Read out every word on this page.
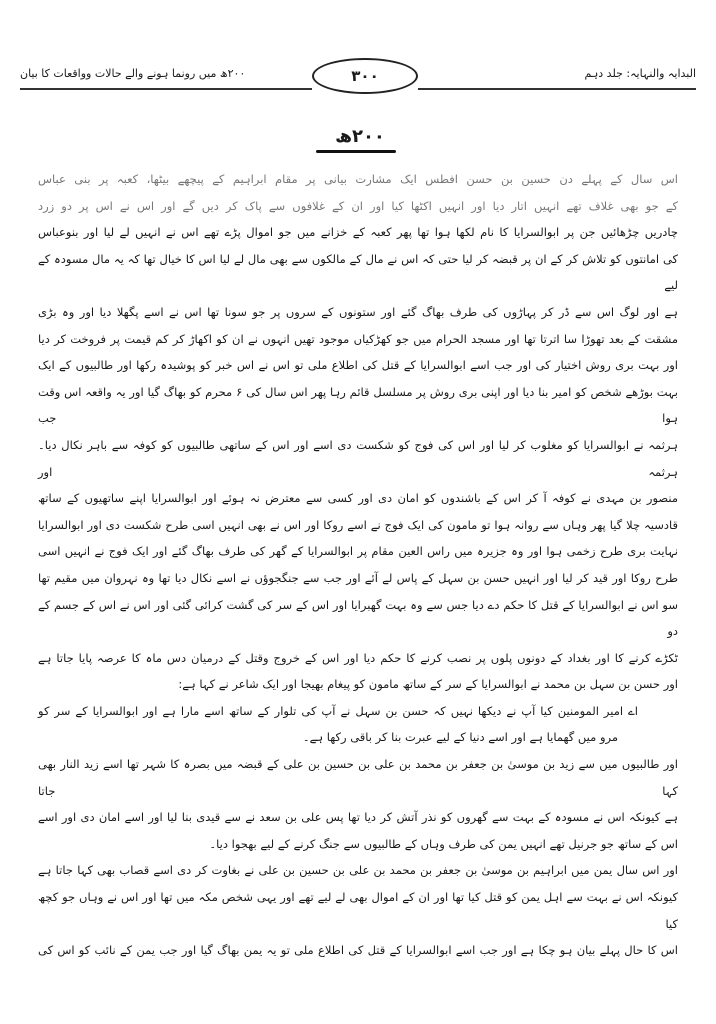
البدایہ والنہایہ: جلد دہم
۳۰۰
۲۰۰ھ میں رونما ہونے والے حالات وواقعات کا بیان
۲۰۰ھ
اس سال کے پہلے دن حسین بن حسن افطس ایک مشارت بیانی پر مقام ابراہیم کے پیچھے بیٹھا، کعبہ پر بنی عباس
کے جو بھی غلاف تھے انہیں اتار دیا اور انہیں اکٹھا کیا اور ان کے غلافوں سے پاک کر دیں گے اور اس نے اس پر دو زرد
چادریں چڑھائیں جن پر ابوالسرایا کا نام لکھا ہوا تھا پھر کعبہ کے خزانے میں جو اموال پڑے تھے اس نے انہیں لے لیا اور بنوعباس
کی امانتوں کو تلاش کر کے ان پر قبضہ کر لیا حتی کہ اس نے مال کے مالکوں سے بھی مال لے لیا اس کا خیال تھا کہ یہ مال مسودہ کے لیے
ہے اور لوگ اس سے ڈر کر پہاڑوں کی طرف بھاگ گئے اور ستونوں کے سروں پر جو سونا تھا اس نے اسے پگھلا دیا اور وہ بڑی
مشقت کے بعد تھوڑا سا اترتا تھا اور مسجد الحرام میں جو کھڑکیاں موجود تھیں انہوں نے ان کو اکھاڑ کر کم قیمت پر فروخت کر دیا
اور بہت بری روش اختیار کی اور جب اسے ابوالسرایا کے قتل کی اطلاع ملی تو اس نے اس خبر کو پوشیدہ رکھا اور طالبیوں کے ایک
بہت بوڑھے شخص کو امیر بنا دیا اور اپنی بری روش پر مسلسل قائم رہا پھر اس سال کی ۶ محرم کو بھاگ گیا اور یہ واقعہ اس وقت ہوا جب
ہرثمہ نے ابوالسرایا کو مغلوب کر لیا اور اس کی فوج کو شکست دی اسے اور اس کے ساتھی طالبیوں کو کوفہ سے باہر نکال دیا۔ ہرثمہ اور
منصور بن مہدی نے کوفہ آ کر اس کے باشندوں کو امان دی اور کسی سے معترض نہ ہوئے اور ابوالسرایا اپنے ساتھیوں کے ساتھ
قادسیہ چلا گیا پھر وہاں سے روانہ ہوا تو مامون کی ایک فوج نے اسے روکا اور اس نے بھی انہیں اسی طرح شکست دی اور ابوالسرایا
نہایت بری طرح زخمی ہوا اور وہ جزیرہ میں راس العین مقام پر ابوالسرایا کے گھر کی طرف بھاگ گئے اور ایک فوج نے انہیں اسی
طرح روکا اور قید کر لیا اور انہیں حسن بن سہل کے پاس لے آئے اور جب سے جنگجوؤں نے اسے نکال دیا تھا وہ نہروان میں مقیم تھا
سو اس نے ابوالسرایا کے قتل کا حکم دے دیا جس سے وہ بہت گھبرایا اور اس کے سر کی گشت کرائی گئی اور اس نے اس کے جسم کے دو
ٹکڑے کرنے کا اور بغداد کے دونوں پلوں پر نصب کرنے کا حکم دیا اور اس کے خروج وقتل کے درمیان دس ماہ کا عرصہ پایا جاتا ہے
اور حسن بن سہل بن محمد نے ابوالسرایا کے سر کے ساتھ مامون کو پیغام بھیجا اور ایک شاعر نے کہا ہے:
اے امیر المومنین کیا آپ نے دیکھا نہیں کہ حسن بن سہل نے آپ کی تلوار کے ساتھ اسے مارا ہے اور ابوالسرایا کے سر کو
مرو میں گھمایا ہے اور اسے دنیا کے لیے عبرت بنا کر باقی رکھا ہے۔
اور طالبیوں میں سے زید بن موسیٰ بن جعفر بن محمد بن علی بن حسین بن علی کے قبضہ میں بصرہ کا شہر تھا اسے زید النار بھی کہا جاتا
ہے کیونکہ اس نے مسودہ کے بہت سے گھروں کو نذر آتش کر دیا تھا پس علی بن سعد نے سے قیدی بنا لیا اور اسے امان دی اور اسے
اس کے ساتھ جو جرنیل تھے انہیں یمن کی طرف وہاں کے طالبیوں سے جنگ کرنے کے لیے بھجوا دیا۔
اور اس سال یمن میں ابراہیم بن موسیٰ بن جعفر بن محمد بن علی بن حسین بن علی نے بغاوت کر دی اسے قصاب بھی کہا جاتا ہے
کیونکہ اس نے بہت سے اہل یمن کو قتل کیا تھا اور ان کے اموال بھی لے لیے تھے اور یہی شخص مکہ میں تھا اور اس نے وہاں جو کچھ کیا
اس کا حال پہلے بیان ہو چکا ہے اور جب اسے ابوالسرایا کے قتل کی اطلاع ملی تو یہ یمن بھاگ گیا اور جب یمن کے نائب کو اس کی
